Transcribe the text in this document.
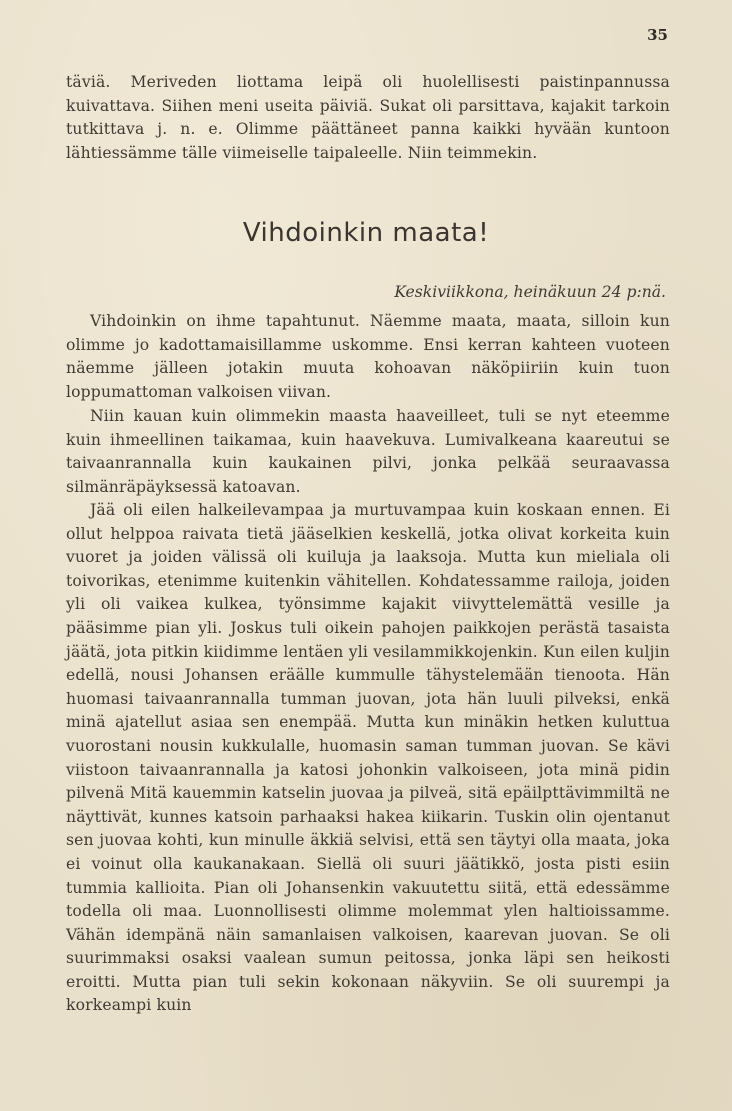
35

täviä. Meriveden liottama leipä oli huolellisesti paistinpannussa kuivattava. Siihen meni useita päiviä. Sukat oli parsittava, kajakit tarkoin tutkittava j. n. e. Olimme päättäneet panna kaikki hyvään kuntoon lähtiessämme tälle viimeiselle taipaleelle. Niin teimmekin.

Vihdoinkin maata!
Keskiviikkona, heinäkuun 24 p:nä.

Vihdoinkin on ihme tapahtunut. Näemme maata, maata, silloin kun olimme jo kadottamaisillamme uskomme. Ensi kerran kahteen vuoteen näemme jälleen jotakin muuta kohoavan näköpiiriin kuin tuon loppumattoman valkoisen viivan.

Niin kauan kuin olimmekin maasta haaveilleet, tuli se nyt eteemme kuin ihmeellinen taikamaa, kuin haavekuva. Lumivalkeana kaareutui se taivaanrannalla kuin kaukainen pilvi, jonka pelkää seuraavassa silmänräpäyksessä katoavan.

Jää oli eilen halkeilevampaa ja murtuvampaa kuin koskaan ennen. Ei ollut helppoa raivata tietä jääselkien keskellä, jotka olivat korkeita kuin vuoret ja joiden välissä oli kuiluja ja laaksoja. Mutta kun mieliala oli toivorikas, etenimme kuitenkin vähitellen. Kohdatessamme railoja, joiden yli oli vaikea kulkea, työnsimme kajakit viivyttelemättä vesille ja pääsimme pian yli. Joskus tuli oikein pahojen paikkojen perästä tasaista jäätä, jota pitkin kiidimme lentäen yli vesilammikkojenkin. Kun eilen kuljin edellä, nousi Johansen eräälle kummulle tähystelemään tienoota. Hän huomasi taivaanrannalla tumman juovan, jota hän luuli pilveksi, enkä minä ajatellut asiaa sen enempää. Mutta kun minäkin hetken kuluttua vuorostani nousin kukkulalle, huomasin saman tumman juovan. Se kävi viistoon taivaanrannalla ja katosi johonkin valkoiseen, jota minä pidin pilvenä Mitä kauemmin katselin juovaa ja pilveä, sitä epäilpttävimmiltä ne näyttivät, kunnes katsoin parhaaksi hakea kiikarin. Tuskin olin ojentanut sen juovaa kohti, kun minulle äkkiä selvisi, että sen täytyi olla maata, joka ei voinut olla kaukanakaan. Siellä oli suuri jäätikkö, josta pisti esiin tummia kallioita. Pian oli Johansenkin vakuutettu siitä, että edessämme todella oli maa. Luonnollisesti olimme molemmat ylen haltioissamme. Vähän idempänä näin samanlaisen valkoisen, kaarevan juovan. Se oli suurimmaksi osaksi vaalean sumun peitossa, jonka läpi sen heikosti eroitti. Mutta pian tuli sekin kokonaan näkyviin. Se oli suurempi ja korkeampi kuin
